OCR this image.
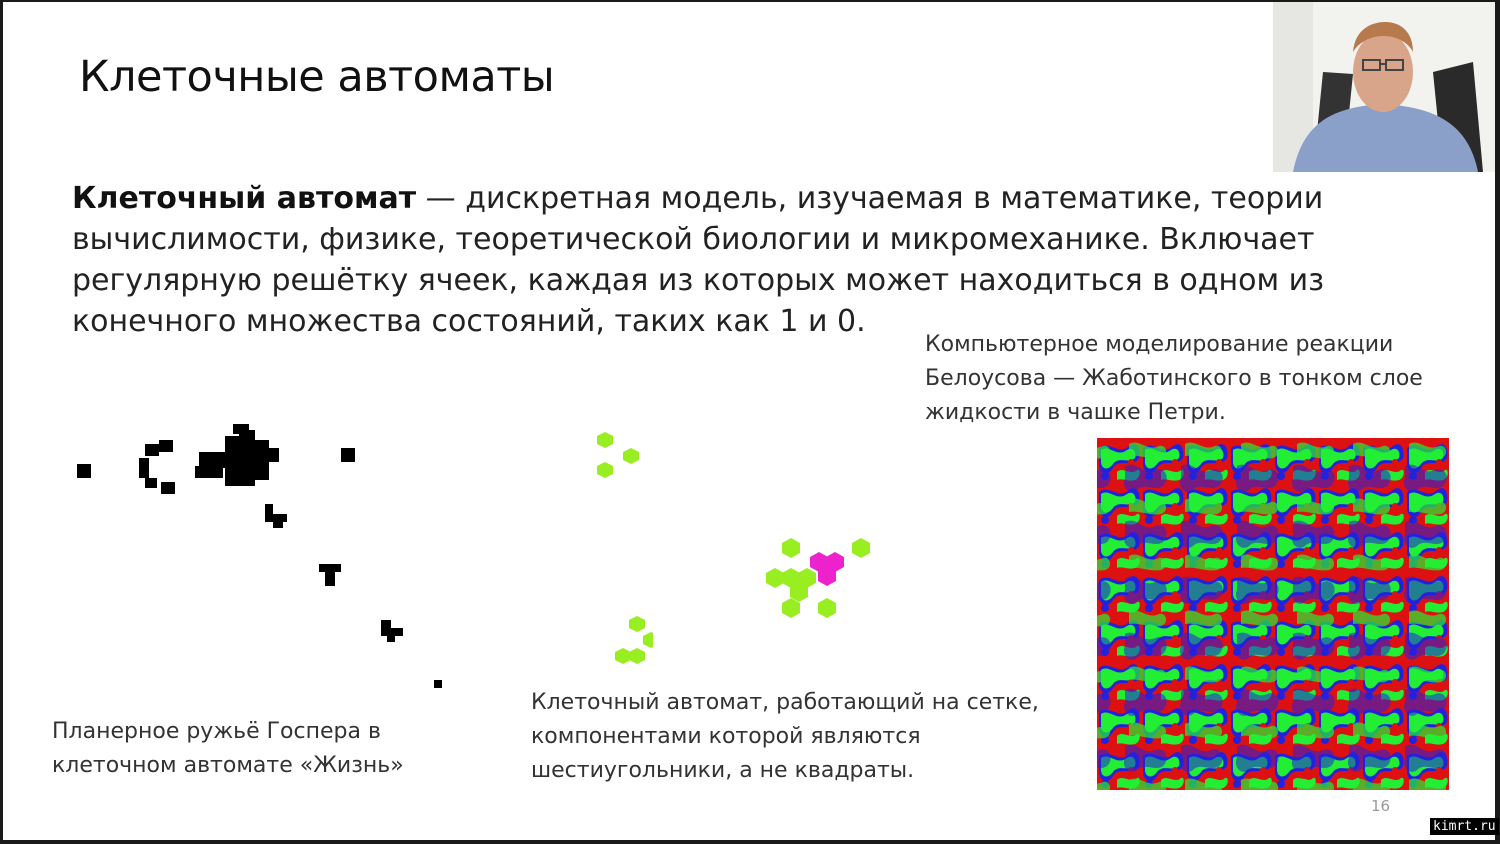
Клеточные автоматы
Клеточный автомат — дискретная модель, изучаемая в математике, теории вычислимости, физике, теоретической биологии и микромеханике. Включает регулярную решётку ячеек, каждая из которых может находиться в одном из конечного множества состояний, таких как 1 и 0.
Компьютерное моделирование реакции Белоусова — Жаботинского в тонком слое жидкости в чашке Петри.
Планерное ружьё Госпера в клеточном автомате «Жизнь»
Клеточный автомат, работающий на сетке, компонентами которой являются шестиугольники, а не квадраты.
16
kimrt.ru
